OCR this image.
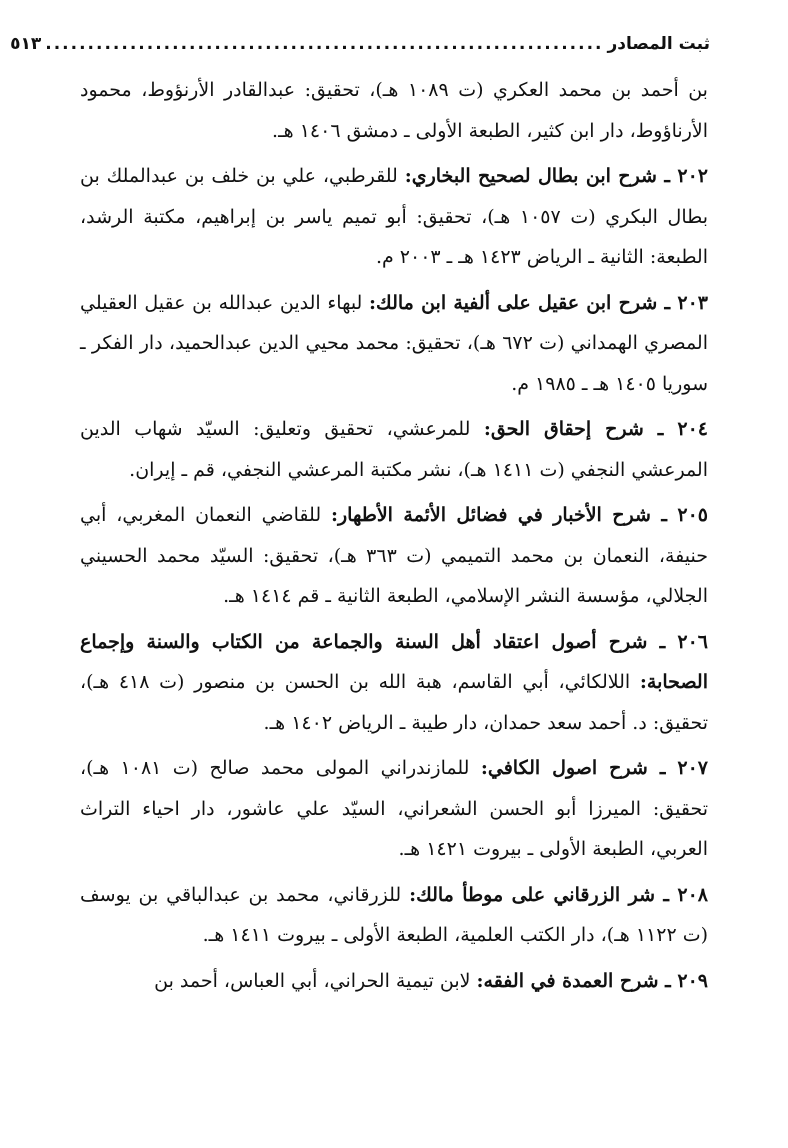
ثبت المصادر
..................................................................
٥١٣

بن أحمد بن محمد العكري (ت ١٠٨٩ هـ)، تحقيق: عبدالقادر الأرنؤوط، محمود الأرناؤوط، دار ابن كثير، الطبعة الأولى ـ دمشق ١٤٠٦ هـ.

٢٠٢ ـ شرح ابن بطال لصحيح البخاري: للقرطبي، علي بن خلف بن عبدالملك بن بطال البكري (ت ١٠٥٧ هـ)، تحقيق: أبو تميم ياسر بن إبراهيم، مكتبة الرشد، الطبعة: الثانية ـ الرياض ١٤٢٣ هـ ـ ٢٠٠٣ م.

٢٠٣ ـ شرح ابن عقيل على ألفية ابن مالك: لبهاء الدين عبدالله بن عقيل العقيلي المصري الهمداني (ت ٦٧٢ هـ)، تحقيق: محمد محيي الدين عبدالحميد، دار الفكر ـ سوريا ١٤٠٥ هـ ـ ١٩٨٥ م.

٢٠٤ ـ شرح إحقاق الحق: للمرعشي، تحقيق وتعليق: السيّد شهاب الدين المرعشي النجفي (ت ١٤١١ هـ)، نشر مكتبة المرعشي النجفي، قم ـ إيران.

٢٠٥ ـ شرح الأخبار في فضائل الأئمة الأطهار: للقاضي النعمان المغربي، أبي حنيفة، النعمان بن محمد التميمي (ت ٣٦٣ هـ)، تحقيق: السيّد محمد الحسيني الجلالي، مؤسسة النشر الإسلامي، الطبعة الثانية ـ قم ١٤١٤ هـ.

٢٠٦ ـ شرح أصول اعتقاد أهل السنة والجماعة من الكتاب والسنة وإجماع الصحابة: اللالكائي، أبي القاسم، هبة الله بن الحسن بن منصور (ت ٤١٨ هـ)، تحقيق: د. أحمد سعد حمدان، دار طيبة ـ الرياض ١٤٠٢ هـ.

٢٠٧ ـ شرح اصول الكافي: للمازندراني المولى محمد صالح (ت ١٠٨١ هـ)، تحقيق: الميرزا أبو الحسن الشعراني، السيّد علي عاشور، دار احياء التراث العربي، الطبعة الأولى ـ بيروت ١٤٢١ هـ.

٢٠٨ ـ شر الزرقاني على موطأ مالك: للزرقاني، محمد بن عبدالباقي بن يوسف (ت ١١٢٢ هـ)، دار الكتب العلمية، الطبعة الأولى ـ بيروت ١٤١١ هـ.

٢٠٩ ـ شرح العمدة في الفقه: لابن تيمية الحراني، أبي العباس، أحمد بن
